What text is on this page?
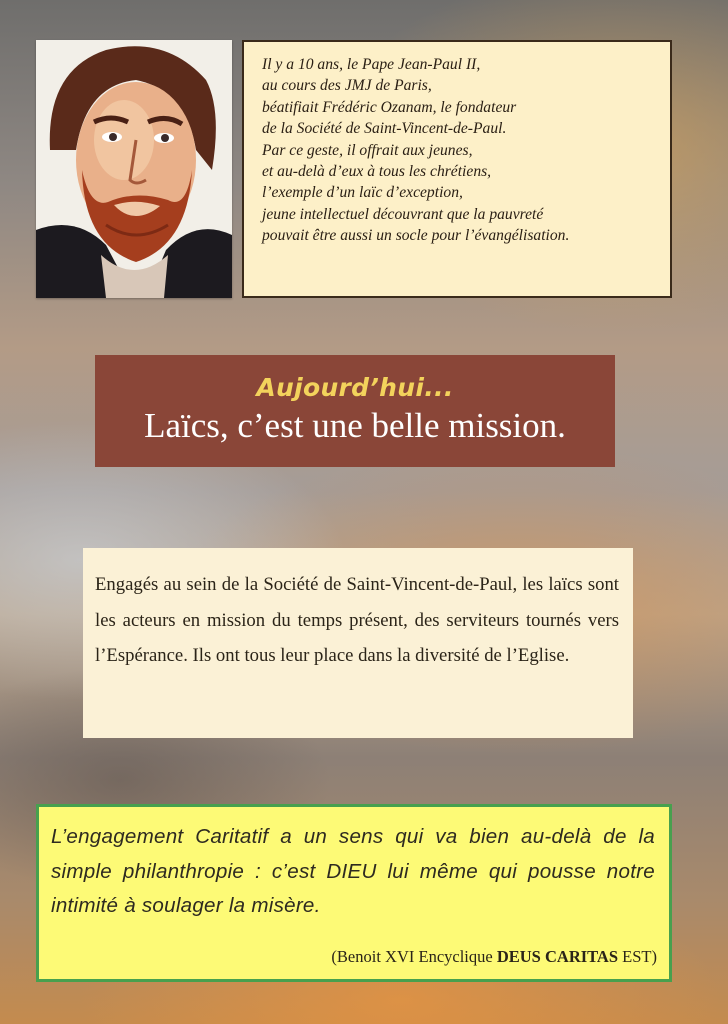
Il y a 10 ans, le Pape Jean-Paul II,
au cours des JMJ de Paris,
béatifiait Frédéric Ozanam, le fondateur
de la Société de Saint-Vincent-de-Paul.
Par ce geste, il offrait aux jeunes,
et au-delà d’eux à tous les chrétiens,
l’exemple d’un laïc d’exception,
jeune intellectuel découvrant que la pauvreté
pouvait être aussi un socle pour l’évangélisation.
Aujourd’hui...
Laïcs, c’est une belle mission.
Engagés au sein de la Société de Saint-Vincent-de-Paul, les laïcs sont les acteurs en mission du temps présent, des serviteurs tournés vers l’Espérance. Ils ont tous leur place dans la diversité de l’Eglise.
L’engagement Caritatif a un sens qui va bien au-delà de la simple philanthropie : c’est DIEU lui même qui pousse notre intimité à soulager la misère.
(Benoit XVI Encyclique DEUS CARITAS EST)
